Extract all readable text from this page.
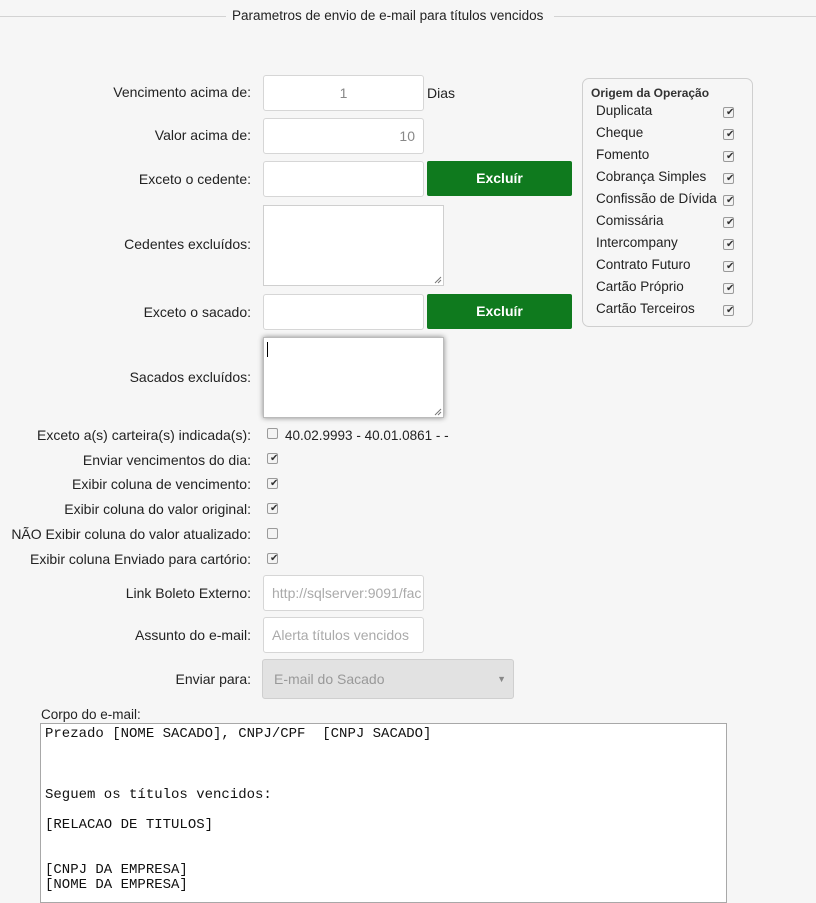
Parametros de envio de e-mail para títulos vencidos
Vencimento acima de:	1	Dias
Valor acima de:	10
Exceto o cedente:	Excluír
Cedentes excluídos:
Exceto o sacado:	Excluír
Sacados excluídos:
Exceto a(s) carteira(s) indicada(s):	40.02.9993 - 40.01.0861 - -
Enviar vencimentos do dia: ✔
Exibir coluna de vencimento: ✔
Exibir coluna do valor original: ✔
NÃO Exibir coluna do valor atualizado:
Exibir coluna Enviado para cartório: ✔
Link Boleto Externo:	http://sqlserver:9091/fac
Assunto do e-mail:	Alerta títulos vencidos
Enviar para:	E-mail do Sacado	▼
Corpo do e-mail:
Prezado [NOME SACADO], CNPJ/CPF  [CNPJ SACADO]
Seguem os títulos vencidos:
[RELACAO DE TITULOS]
[CNPJ DA EMPRESA]
[NOME DA EMPRESA]
Origem da Operação
Duplicata	✔
Cheque	✔
Fomento	✔
Cobrança Simples ✔
Confissão de Dívida ✔
Comissária	✔
Intercompany	✔
Contrato Futuro	✔
Cartão Próprio	✔
Cartão Terceiros	✔
